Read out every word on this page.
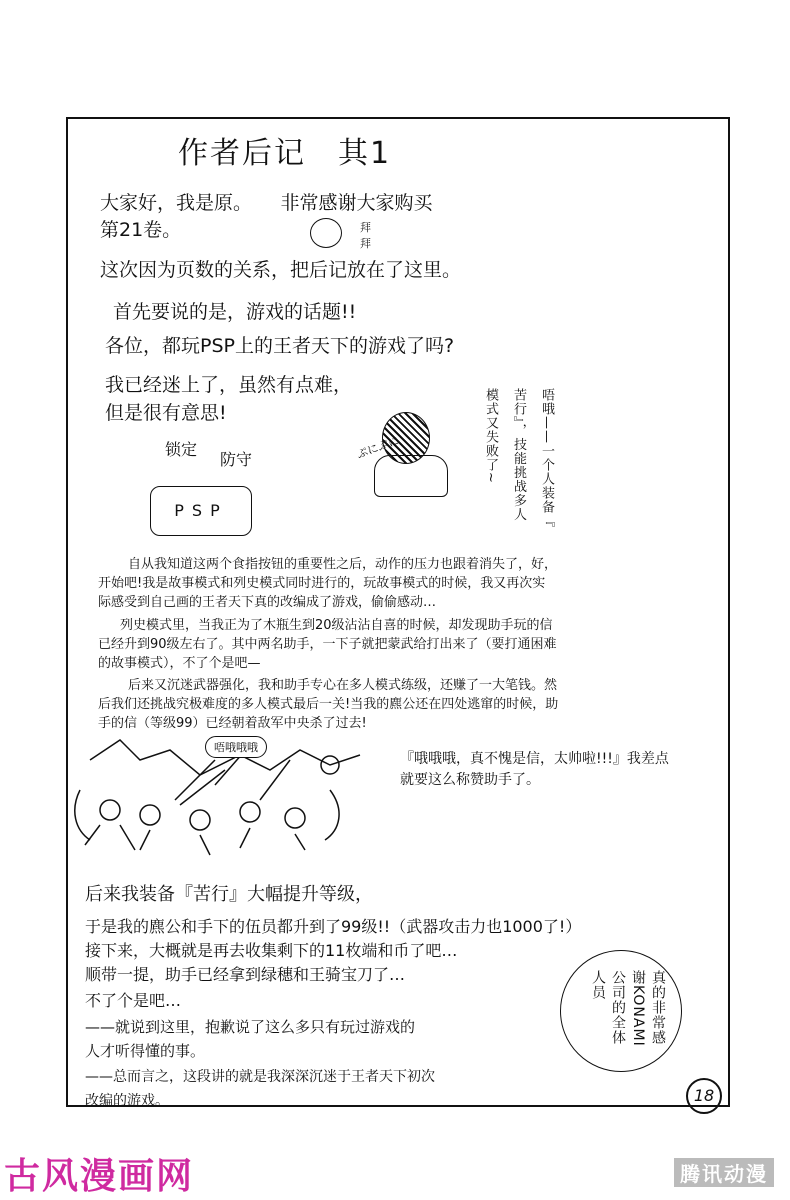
作者后记　其1
大家好，我是原。　　非常感谢大家购买
第21卷。
这次因为页数的关系，把后记放在了这里。
拜
拜
首先要说的是，游戏的话题!!
各位，都玩PSP上的王者天下的游戏了吗?
我已经迷上了，虽然有点难，
但是很有意思!
锁定
防守
PSP
ぷにぷに	唔哦——一个人装备『
苦行』，技能挑战多人
模式又失败了~
自从我知道这两个食指按钮的重要性之后，动作的压力也跟着消失了，好，
开始吧!我是故事模式和列史模式同时进行的，玩故事模式的时候，我又再次实
际感受到自己画的王者天下真的改编成了游戏，偷偷感动…
列史模式里，当我正为了木瓶生到20级沾沾自喜的时候，却发现助手玩的信
已经升到90级左右了。其中两名助手，一下子就把蒙武给打出来了（要打通困难
的故事模式），不了个是吧—
后来又沉迷武器强化，我和助手专心在多人模式练级，还赚了一大笔钱。然
后我们还挑战究极难度的多人模式最后一关!当我的麃公还在四处逃窜的时候，助
手的信（等级99）已经朝着敌军中央杀了过去!
唔哦哦哦
『哦哦哦，真不愧是信，太帅啦!!!』我差点
就要这么称赞助手了。
后来我装备『苦行』大幅提升等级，
于是我的麃公和手下的伍员都升到了99级!!（武器攻击力也1000了!）
接下来，大概就是再去收集剩下的11枚端和币了吧…
顺带一提，助手已经拿到绿穗和王骑宝刀了…
不了个是吧…
——就说到这里，抱歉说了这么多只有玩过游戏的
人才听得懂的事。
——总而言之，这段讲的就是我深深沉迷于王者天下初次
改编的游戏。
真的非常感
谢KONAMI
公司的全体
人员
18
古风漫画网	腾讯动漫
